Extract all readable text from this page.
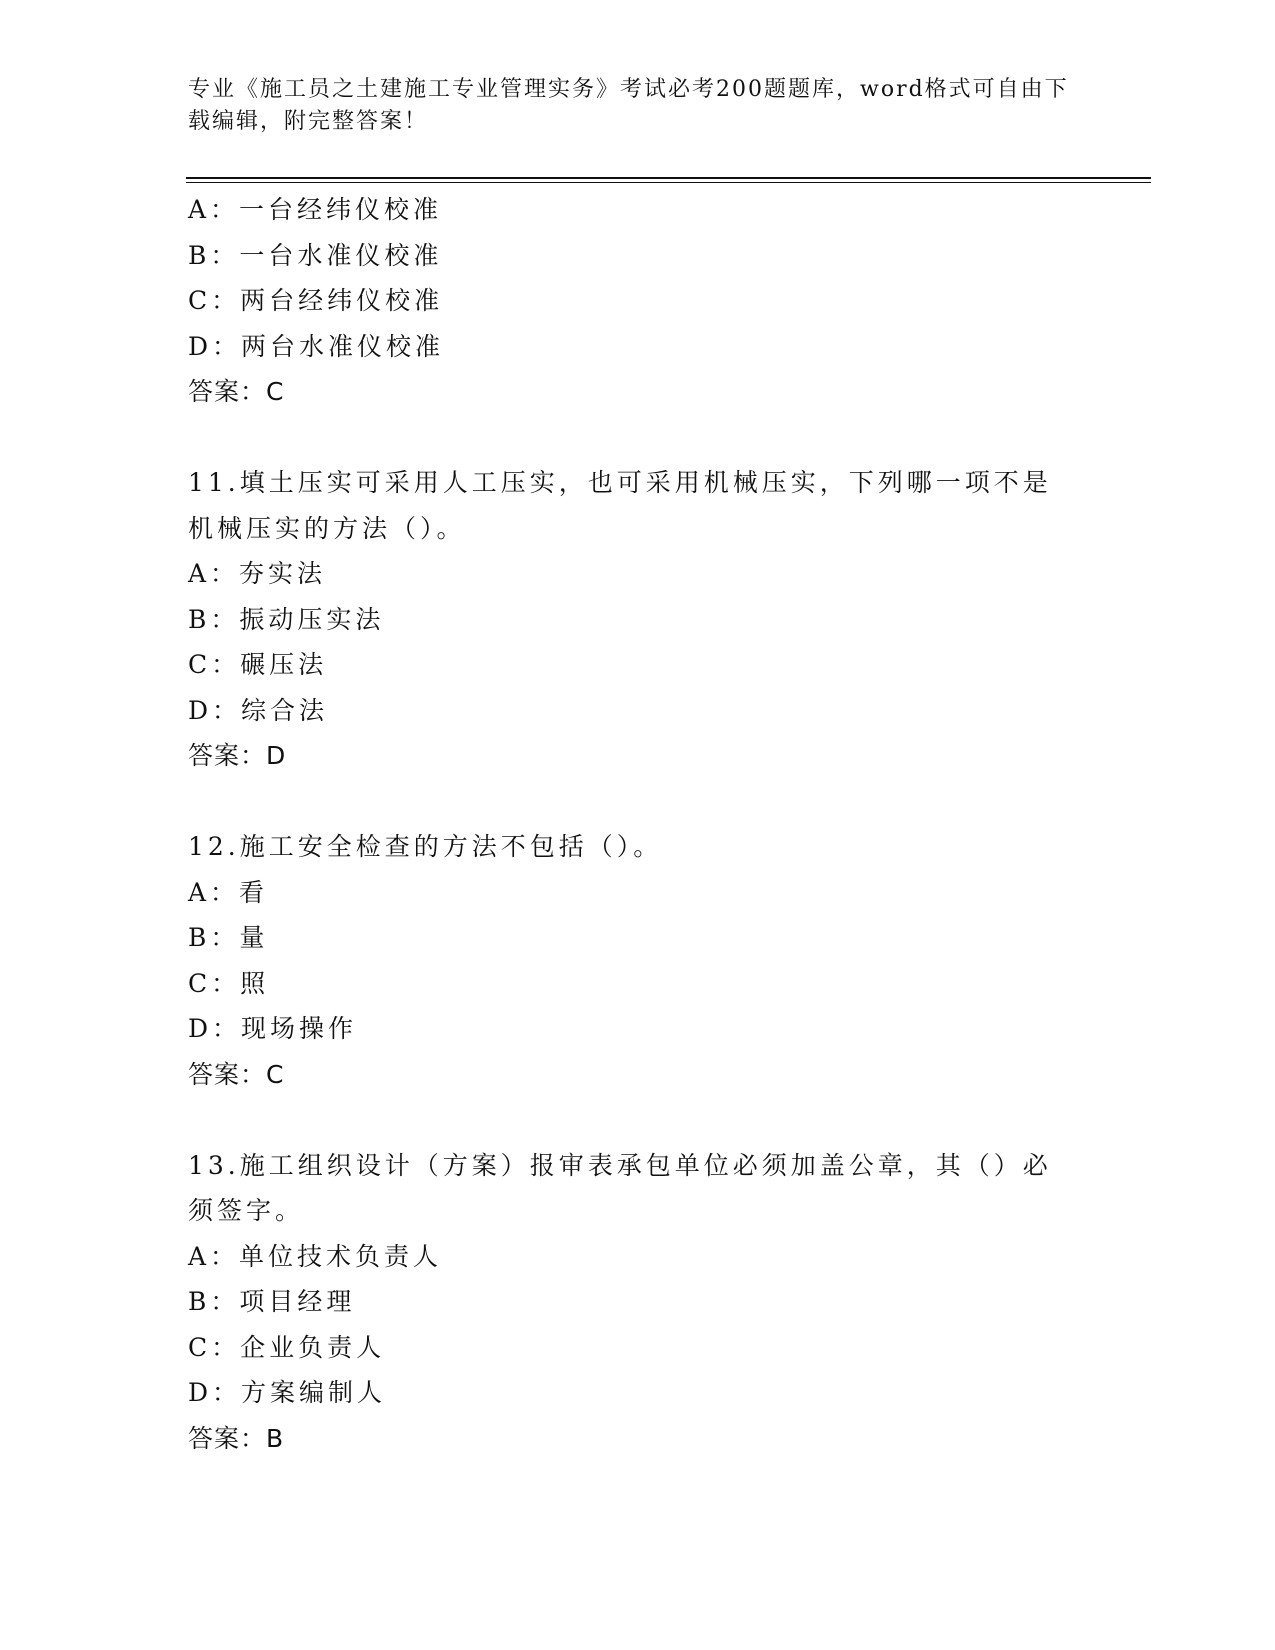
专业《施工员之土建施工专业管理实务》考试必考200题题库，word格式可自由下载编辑，附完整答案！
A：一台经纬仪校准
B：一台水准仪校准
C：两台经纬仪校准
D：两台水准仪校准
答案：C
11.填土压实可采用人工压实，也可采用机械压实，下列哪一项不是机械压实的方法（）。
A：夯实法
B：振动压实法
C：碾压法
D：综合法
答案：D
12.施工安全检查的方法不包括（）。
A：看
B：量
C：照
D：现场操作
答案：C
13.施工组织设计（方案）报审表承包单位必须加盖公章，其（）必须签字。
A：单位技术负责人
B：项目经理
C：企业负责人
D：方案编制人
答案：B
